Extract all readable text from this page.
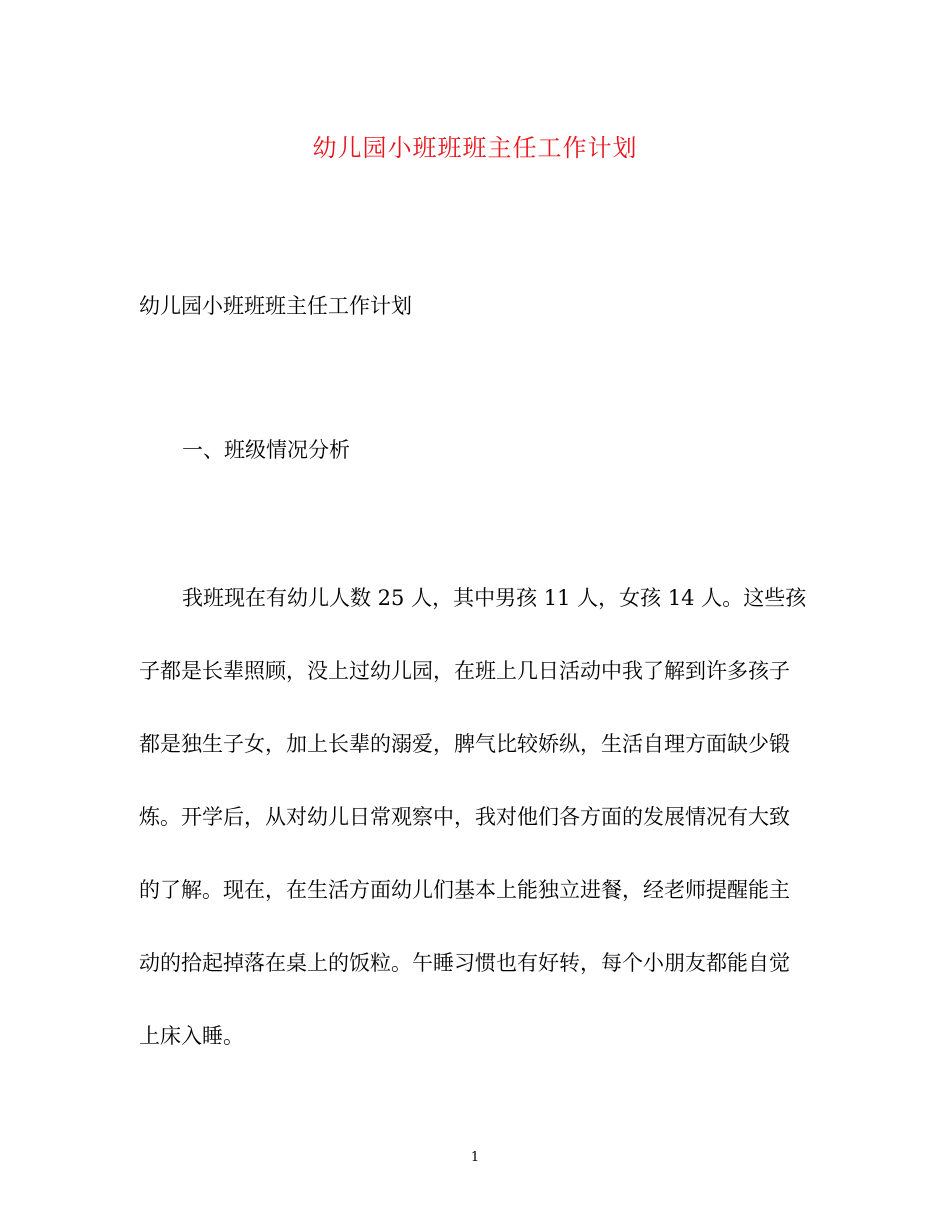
幼儿园小班班班主任工作计划
幼儿园小班班班主任工作计划
一、班级情况分析
我班现在有幼儿人数 25 人，其中男孩 11 人，女孩 14 人。这些孩
子都是长辈照顾，没上过幼儿园，在班上几日活动中我了解到许多孩子
都是独生子女，加上长辈的溺爱，脾气比较娇纵，生活自理方面缺少锻
炼。开学后，从对幼儿日常观察中，我对他们各方面的发展情况有大致
的了解。现在，在生活方面幼儿们基本上能独立进餐，经老师提醒能主
动的拾起掉落在桌上的饭粒。午睡习惯也有好转，每个小朋友都能自觉
上床入睡。
1
